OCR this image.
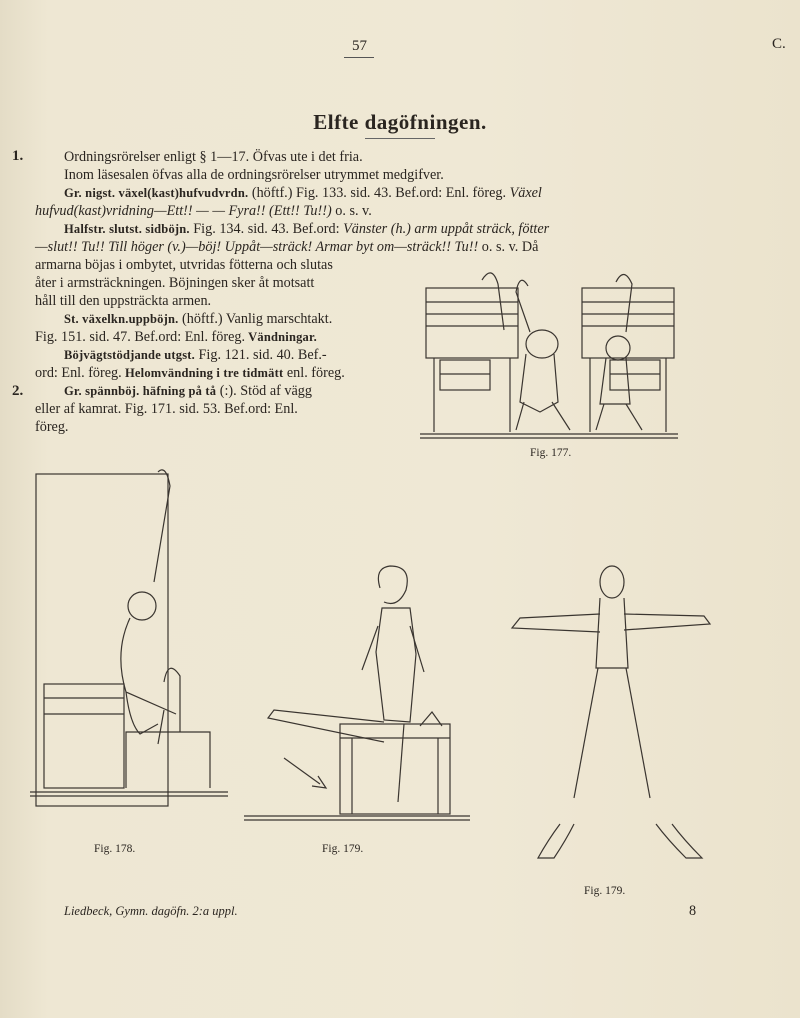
57	C.
Elfte dagöfningen.
1.	Ordningsrörelser enligt § 1—17. Öfvas ute i det fria.
Inom läsesalen öfvas alla de ordningsrörelser utrymmet medgifver.
Gr. nigst. växel(kast)hufvudvrdn. (höftf.) Fig. 133. sid. 43. Bef.ord: Enl. föreg. Växel
hufvud(kast)vridning—Ett!! — — Fyra!! (Ett!! Tu!!) o. s. v.
Halfstr. slutst. sidböjn. Fig. 134. sid. 43. Bef.ord: Vänster (h.) arm uppåt sträck, fötter
—slut!! Tu!! Till höger (v.)—böj! Uppåt—sträck! Armar byt om—sträck!! Tu!! o. s. v. Då
armarna böjas i ombytet, utvridas fötterna och slutas
åter i armsträckningen. Böjningen sker åt motsatt
håll till den uppsträckta armen.
St. växelkn.uppböjn. (höftf.) Vanlig marschtakt.
Fig. 151. sid. 47. Bef.ord: Enl. föreg. Vändningar.
Böjvägtstödjande utgst. Fig. 121. sid. 40. Bef.-
ord: Enl. föreg. Helomvändning i tre tidmätt enl. föreg.
2.	Gr. spännböj. häfning på tå (:). Stöd af vägg
eller af kamrat. Fig. 171. sid. 53. Bef.ord: Enl.
föreg.
Fig. 177.
Fig. 178.	Fig. 179.
Fig. 179.
Liedbeck, Gymn. dagöfn. 2:a uppl.	8
